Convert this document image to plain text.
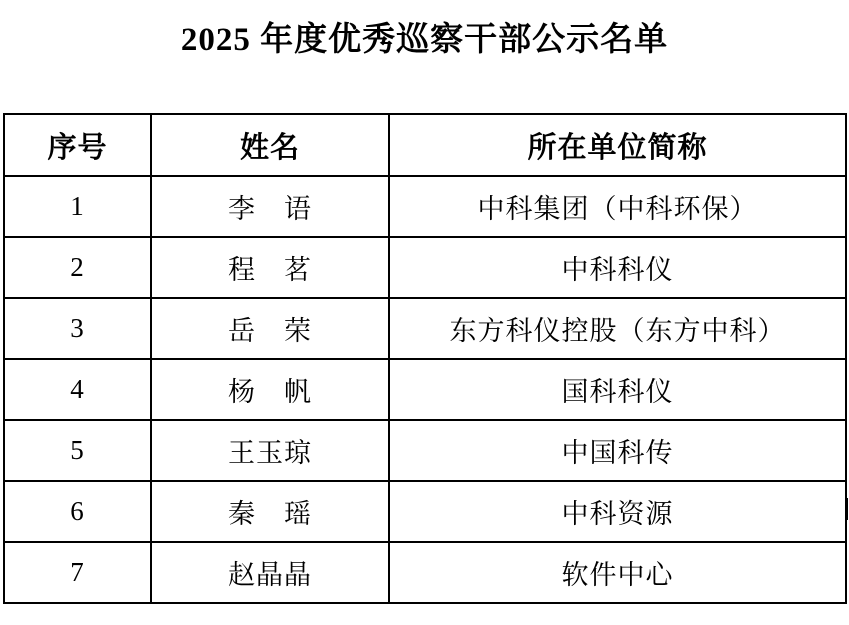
2025 年度优秀巡察干部公示名单
序号	姓名	所在单位简称
1	李　语	中科集团（中科环保）
2	程　茗	中科科仪
3	岳　荣	东方科仪控股（东方中科）
4	杨　帆	国科科仪
5	王玉琼	中国科传
6	秦　瑶	中科资源
7	赵晶晶	软件中心
